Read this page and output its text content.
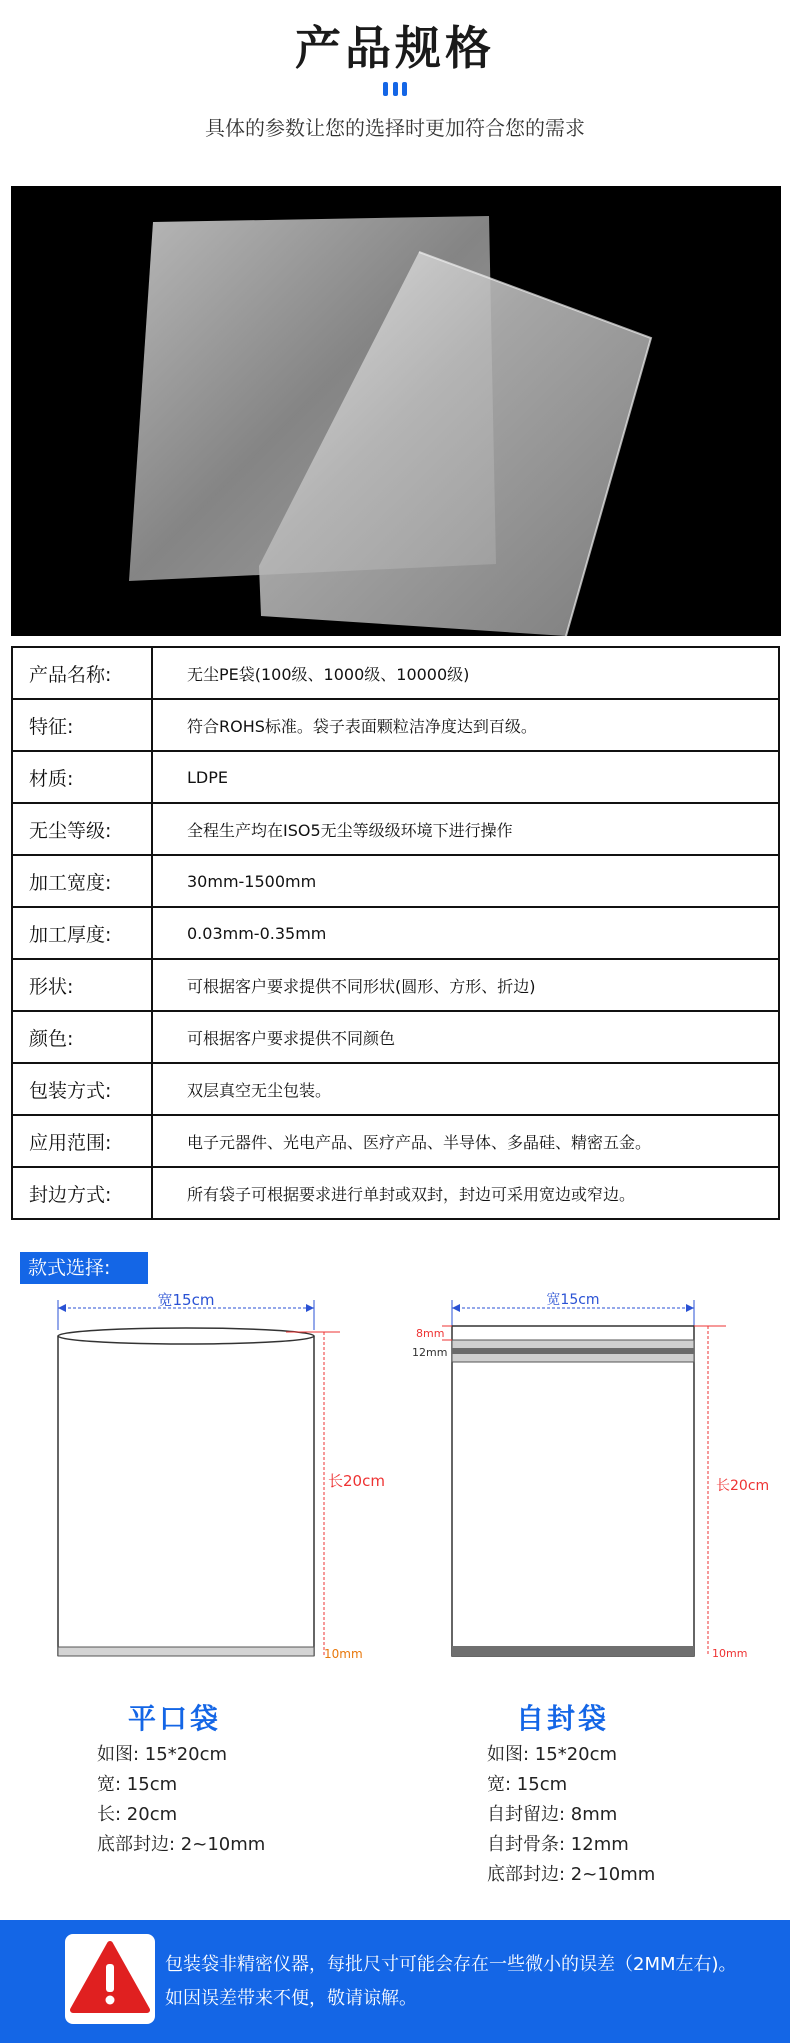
产品规格
具体的参数让您的选择时更加符合您的需求
产品名称:	无尘PE袋(100级、1000级、10000级)
特征:	符合ROHS标准。袋子表面颗粒洁净度达到百级。
材质:	LDPE
无尘等级:	全程生产均在ISO5无尘等级级环境下进行操作
加工宽度:	30mm-1500mm
加工厚度:	0.03mm-0.35mm
形状:	可根据客户要求提供不同形状(圆形、方形、折边)
颜色:	可根据客户要求提供不同颜色
包装方式:	双层真空无尘包装。
应用范围:	电子元器件、光电产品、医疗产品、半导体、多晶硅、精密五金。
封边方式:	所有袋子可根据要求进行单封或双封，封边可采用宽边或窄边。
款式选择:
宽15cm
长20cm
10mm
宽15cm
8mm
12mm
长20cm
10mm
平口袋	自封袋
如图: 15*20cm
宽: 15cm
长: 20cm
底部封边: 2~10mm
如图: 15*20cm
宽: 15cm
自封留边: 8mm
自封骨条: 12mm
底部封边: 2~10mm
包装袋非精密仪器，每批尺寸可能会存在一些微小的误差（2MM左右)。
如因误差带来不便，敬请谅解。
